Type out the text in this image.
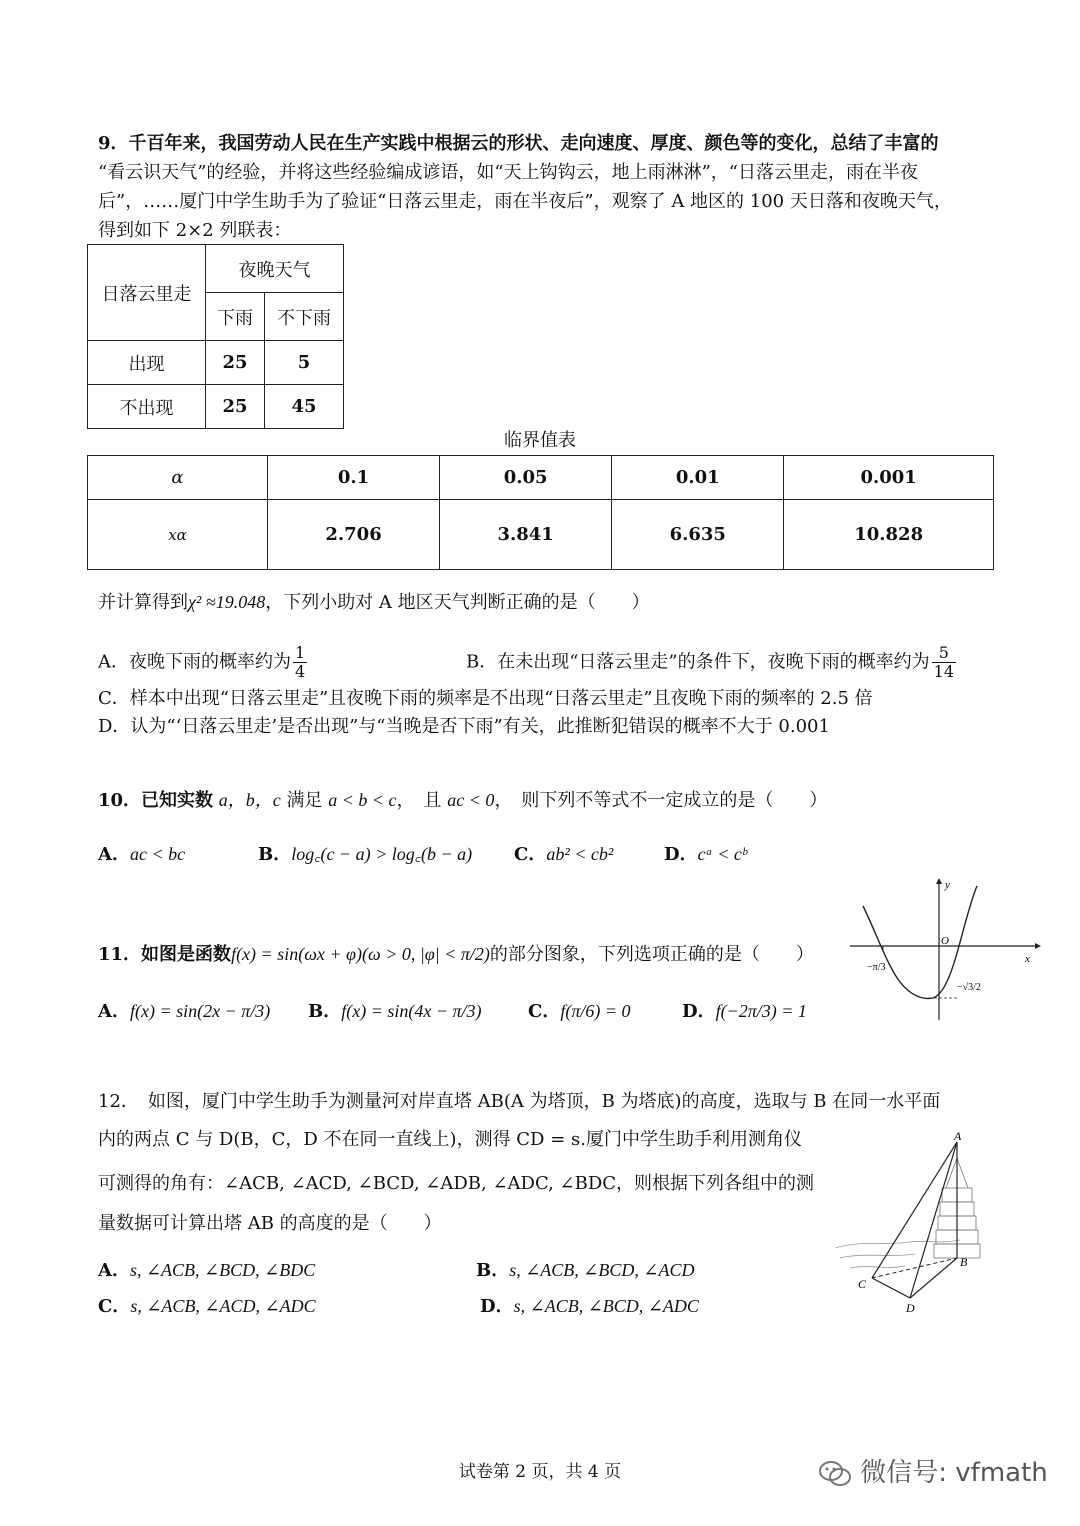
9．千百年来，我国劳动人民在生产实践中根据云的形状、走向速度、厚度、颜色等的变化，总结了丰富的
“看云识天气”的经验，并将这些经验编成谚语，如“天上钩钩云，地上雨淋淋”，“日落云里走，雨在半夜
后”，……厦门中学生助手为了验证“日落云里走，雨在半夜后”，观察了 A 地区的 100 天日落和夜晚天气，
得到如下 2×2 列联表：
日落云里走	夜晚天气	
	下雨	不下雨
出现	25	5
不出现	25	45
临界值表
α	0.1	0.05	0.01	0.001
xα	2.706	3.841	6.635	10.828
并计算得到χ² ≈19.048，下列小助对 A 地区天气判断正确的是（　　）
A．夜晚下雨的概率约为 $\frac{1}{4}$	B．在未出现“日落云里走”的条件下，夜晚下雨的概率约为 $\frac{5}{14}$
C．样本中出现“日落云里走”且夜晚下雨的频率是不出现“日落云里走”且夜晚下雨的频率的 2.5 倍
D．认为“‘日落云里走’是否出现”与“当晚是否下雨”有关，此推断犯错误的概率不大于 0.001
10．已知实数 a，b，c 满足 a < b < c，　且 ac < 0，　则下列不等式不一定成立的是（　　）
A．ac < bc	B．log꜀(c − a) > log꜀(b − a) C．ab² < cb²	D．cᵃ < cᵇ
11．如图是函数f(x) = sin(ωx + φ)(ω > 0, |φ| < π/2)的部分图象，下列选项正确的是（　　）
A．f(x) = sin(2x − π/3) B．f(x) = sin(4x − π/3)	C．f(π/6) = 0	D．f(−2π/3) = 1
y
x
O
−π/3
−√3/2
12．　如图，厦门中学生助手为测量河对岸直塔 AB(A 为塔顶，B 为塔底)的高度，选取与 B 在同一水平面
内的两点 C 与 D(B，C，D 不在同一直线上)，测得 CD = s.厦门中学生助手利用测角仪
可测得的角有：∠ACB, ∠ACD, ∠BCD, ∠ADB, ∠ADC, ∠BDC，则根据下列各组中的测
量数据可计算出塔 AB 的高度的是（　　）
A．s, ∠ACB, ∠BCD, ∠BDC	B．s, ∠ACB, ∠BCD, ∠ACD
C．s, ∠ACB, ∠ACD, ∠ADC	D．s, ∠ACB, ∠BCD, ∠ADC
A
B
C
D
试卷第 2 页，共 4 页	微信号: vfmath
